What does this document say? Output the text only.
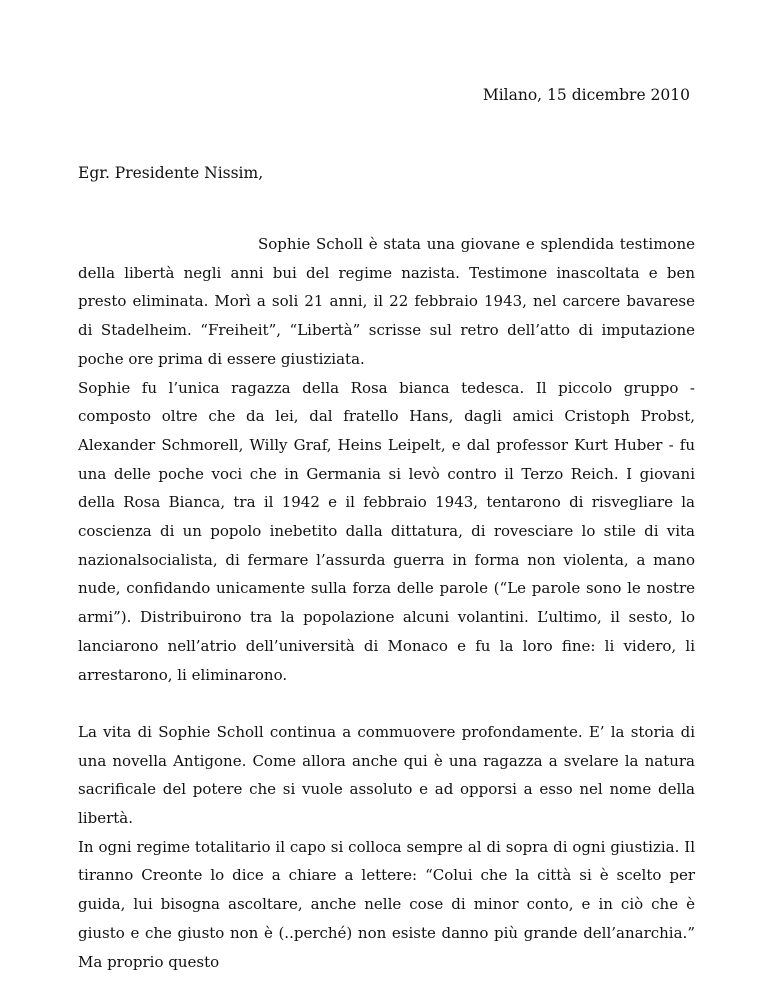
Milano, 15 dicembre 2010
Egr. Presidente Nissim,

Sophie Scholl è stata una giovane e splendida testimone della libertà negli anni bui del regime nazista. Testimone inascoltata e ben presto eliminata. Morì a soli 21 anni, il 22 febbraio 1943, nel carcere bavarese di Stadelheim. “Freiheit”, “Libertà” scrisse sul retro dell’atto di imputazione poche ore prima di essere giustiziata.

Sophie fu l’unica ragazza della Rosa bianca tedesca. Il piccolo gruppo - composto oltre che da lei, dal fratello Hans, dagli amici Cristoph Probst, Alexander Schmorell, Willy Graf, Heins Leipelt, e dal professor Kurt Huber - fu una delle poche voci che in Germania si levò contro il Terzo Reich. I giovani della Rosa Bianca, tra il 1942 e il febbraio 1943, tentarono di risvegliare la coscienza di un popolo inebetito dalla dittatura, di rovesciare lo stile di vita nazionalsocialista, di fermare l’assurda guerra in forma non violenta, a mano nude, confidando unicamente sulla forza delle parole (“Le parole sono le nostre armi”). Distribuirono tra la popolazione alcuni volantini. L’ultimo, il sesto, lo lanciarono nell’atrio dell’università di Monaco e fu la loro fine: li videro, li arrestarono, li eliminarono.

La vita di Sophie Scholl continua a commuovere profondamente. E’ la storia di una novella Antigone. Come allora anche qui è una ragazza a svelare la natura sacrificale del potere che si vuole assoluto e ad opporsi a esso nel nome della libertà.

In ogni regime totalitario il capo si colloca sempre al di sopra di ogni giustizia. Il tiranno Creonte lo dice a chiare a lettere: “Colui che la città si è scelto per guida, lui bisogna ascoltare, anche nelle cose di minor conto, e in ciò che è giusto e che giusto non è (..perché) non esiste danno più grande dell’anarchia.” Ma proprio questo
